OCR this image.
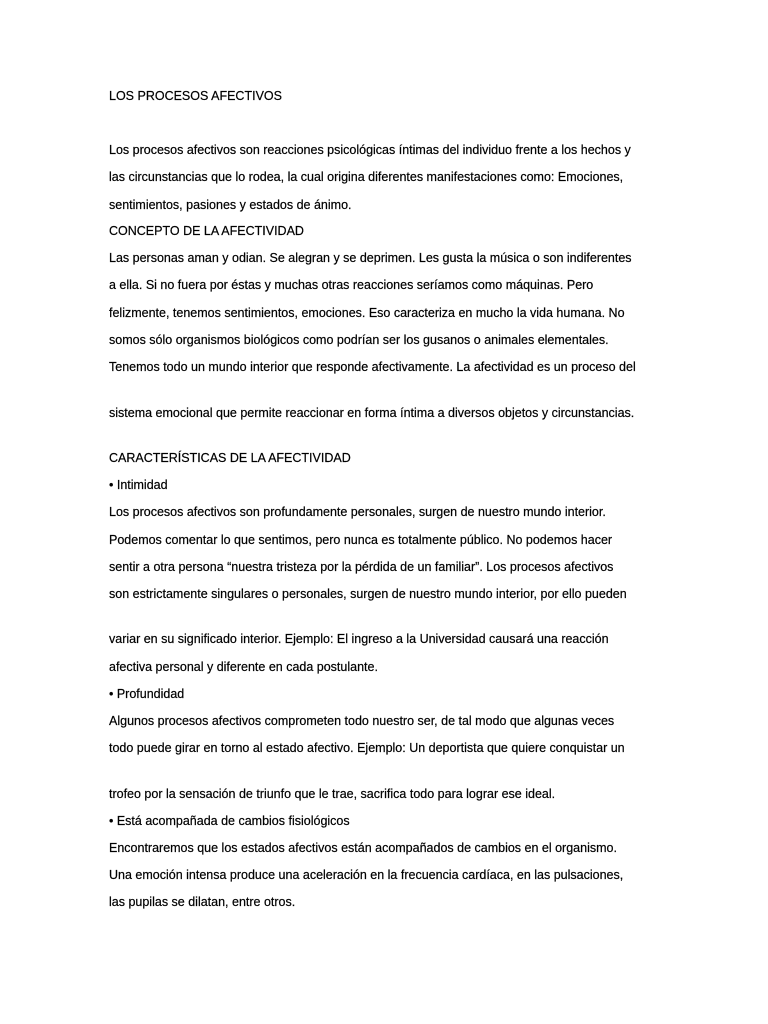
LOS PROCESOS AFECTIVOS

Los procesos afectivos son reacciones psicológicas íntimas del individuo frente a los hechos y

las circunstancias que lo rodea, la cual origina diferentes manifestaciones como: Emociones,

sentimientos, pasiones y estados de ánimo.

CONCEPTO DE LA AFECTIVIDAD

Las personas aman y odian. Se alegran y se deprimen. Les gusta la música o son indiferentes

a ella. Si no fuera por éstas y muchas otras reacciones seríamos como máquinas. Pero

felizmente, tenemos sentimientos, emociones. Eso caracteriza en mucho la vida humana. No

somos sólo organismos biológicos como podrían ser los gusanos o animales elementales.

Tenemos todo un mundo interior que responde afectivamente. La afectividad es un proceso del

sistema emocional que permite reaccionar en forma íntima a diversos objetos y circunstancias.

CARACTERÍSTICAS DE LA AFECTIVIDAD

• Intimidad

Los procesos afectivos son profundamente personales, surgen de nuestro mundo interior.

Podemos comentar lo que sentimos, pero nunca es totalmente público. No podemos hacer

sentir a otra persona “nuestra tristeza por la pérdida de un familiar”. Los procesos afectivos

son estrictamente singulares o personales, surgen de nuestro mundo interior, por ello pueden

variar en su significado interior. Ejemplo: El ingreso a la Universidad causará una reacción

afectiva personal y diferente en cada postulante.

• Profundidad

Algunos procesos afectivos comprometen todo nuestro ser, de tal modo que algunas veces

todo puede girar en torno al estado afectivo. Ejemplo: Un deportista que quiere conquistar un

trofeo por la sensación de triunfo que le trae, sacrifica todo para lograr ese ideal.

• Está acompañada de cambios fisiológicos

Encontraremos que los estados afectivos están acompañados de cambios en el organismo.

Una emoción intensa produce una aceleración en la frecuencia cardíaca, en las pulsaciones,

las pupilas se dilatan, entre otros.
